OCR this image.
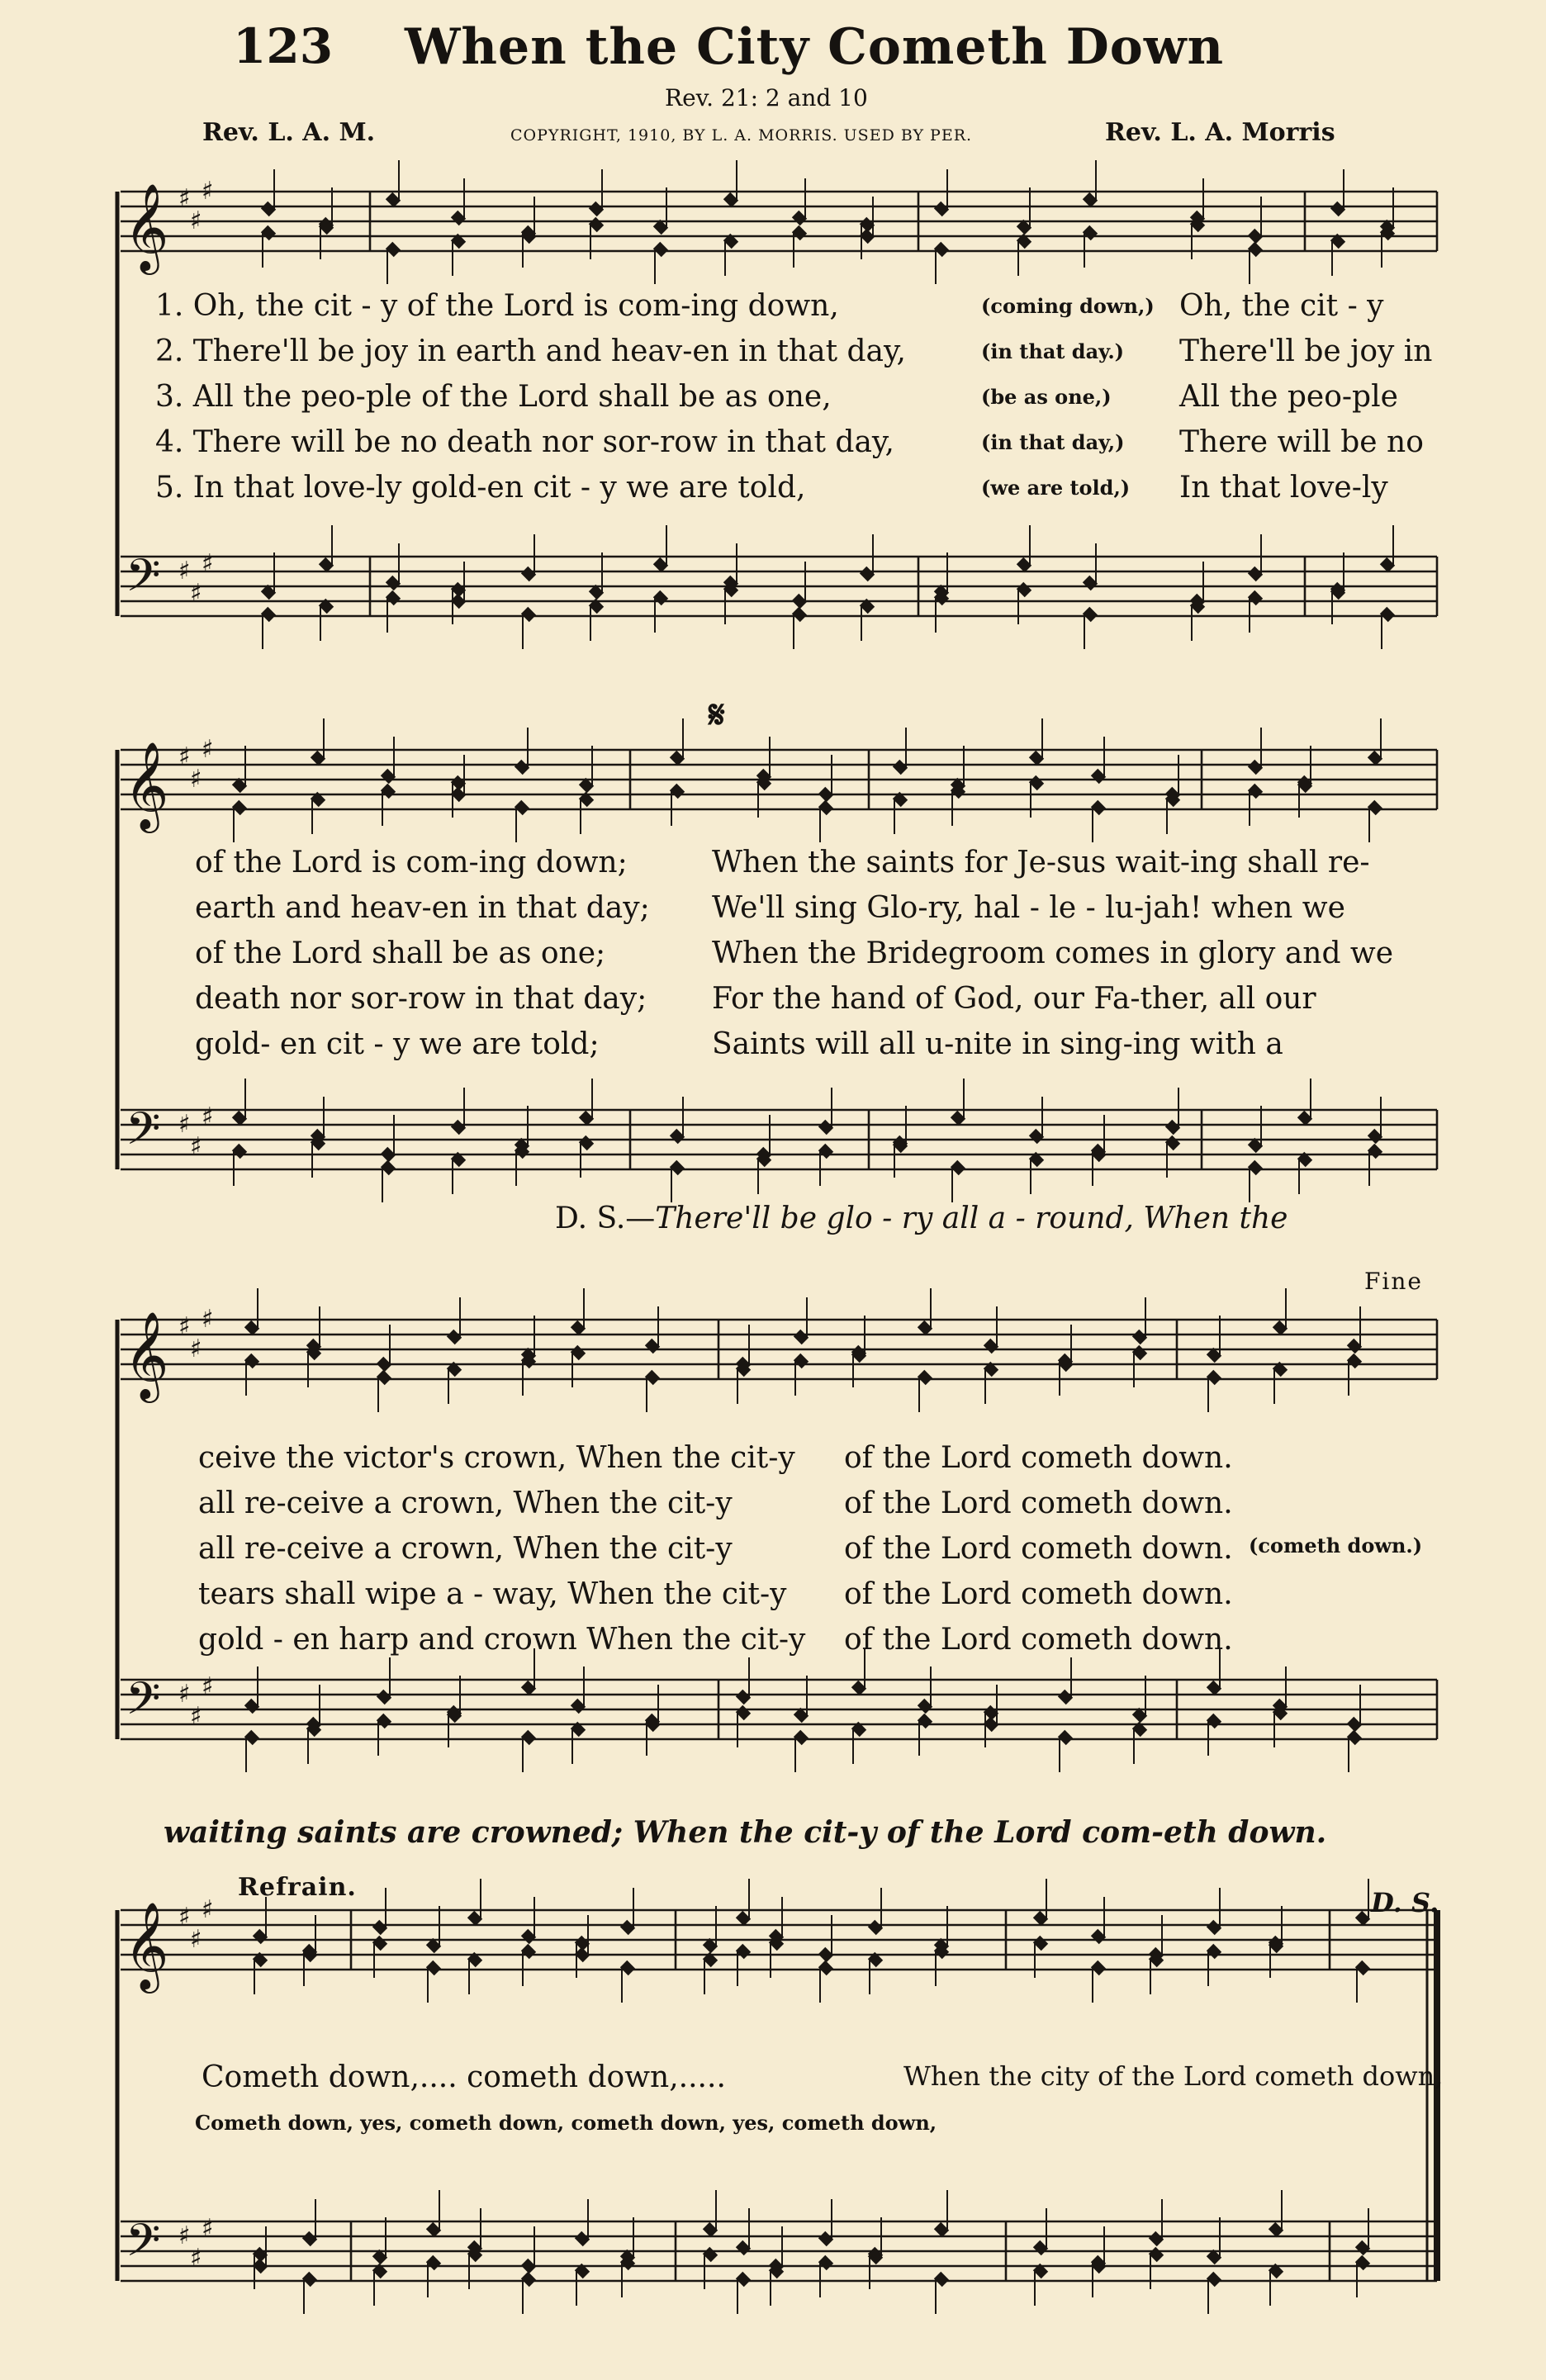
123 When the City Cometh Down
Rev. 21: 2 and 10
Rev. L. A. M.	COPYRIGHT, 1910, BY L. A. MORRIS. USED BY PER.	Rev. L. A. Morris
𝄞
𝄢
♯
♯
♯
♯
♯
♯
𝄞
𝄢
♯
♯
♯
♯
♯
♯
𝄞
𝄢
♯
♯
♯
♯
♯
♯
𝄞
𝄢
♯
♯
♯
♯
♯
♯
1. Oh, the cit - y of the Lord is com-ing down,	(coming down,) Oh, the cit - y
2. There'll be joy in earth and heav-en in that day,	(in that day.) There'll be joy in
3. All the peo-ple of the Lord shall be as one,	(be as one,) All the peo-ple
4. There will be no death nor sor-row in that day,	(in that day,) There will be no
5. In that love-ly gold-en cit - y we are told,	(we are told,) In that love-ly
𝄋
of the Lord is com-ing down;	When the saints for Je-sus wait-ing shall re-
earth and heav-en in that day; We'll sing Glo-ry, hal - le - lu-jah! when we
of the Lord shall be as one;	When the Bridegroom comes in glory and we
death nor sor-row in that day; For the hand of God, our Fa-ther, all our
gold- en cit - y we are told;	Saints will all u-nite in sing-ing with a
D. S.—There'll be glo - ry all a - round, When the
Fine
ceive the victor's crown, When the cit-y of the Lord cometh down.
all re-ceive a crown, When the cit-y	of the Lord cometh down.
all re-ceive a crown, When the cit-y	of the Lord cometh down.
tears shall wipe a - way, When the cit-y of the Lord cometh down.
gold - en harp and crown When the cit-y of the Lord cometh down.
(cometh down.)
waiting saints are crowned; When the cit-y of the Lord com-eth down.
Refrain.	D. S.
Cometh down,.... cometh down,.....	When the city of the Lord cometh down,
Cometh down, yes, cometh down, cometh down, yes, cometh down,
